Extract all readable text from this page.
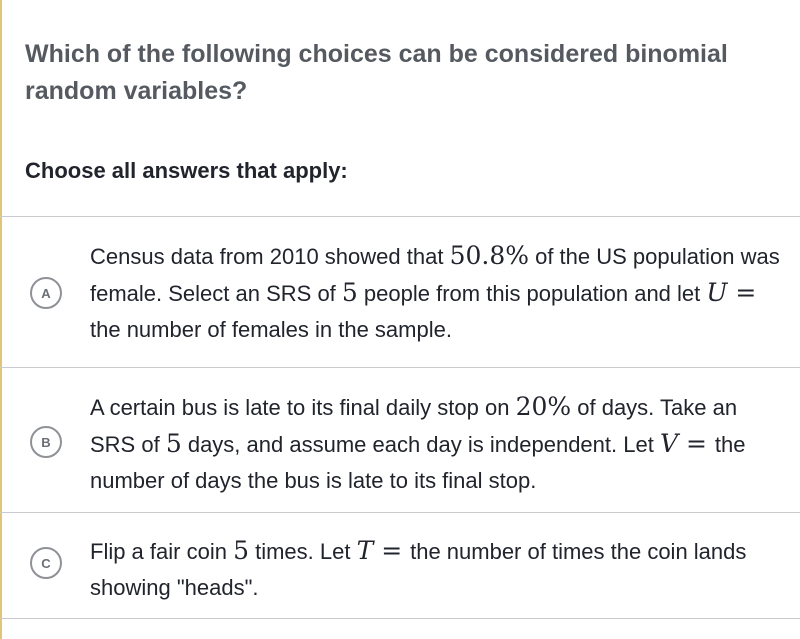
Which of the following choices can be considered binomial random variables?
Choose all answers that apply:
A
Census data from 2010 showed that 50.8% of the US population was female. Select an SRS of 5 people from this population and let U = the number of females in the sample.
B
A certain bus is late to its final daily stop on 20% of days. Take an SRS of 5 days, and assume each day is independent. Let V = the number of days the bus is late to its final stop.
C	Flip a fair coin 5 times. Let T = the number of times the coin lands showing "heads".
